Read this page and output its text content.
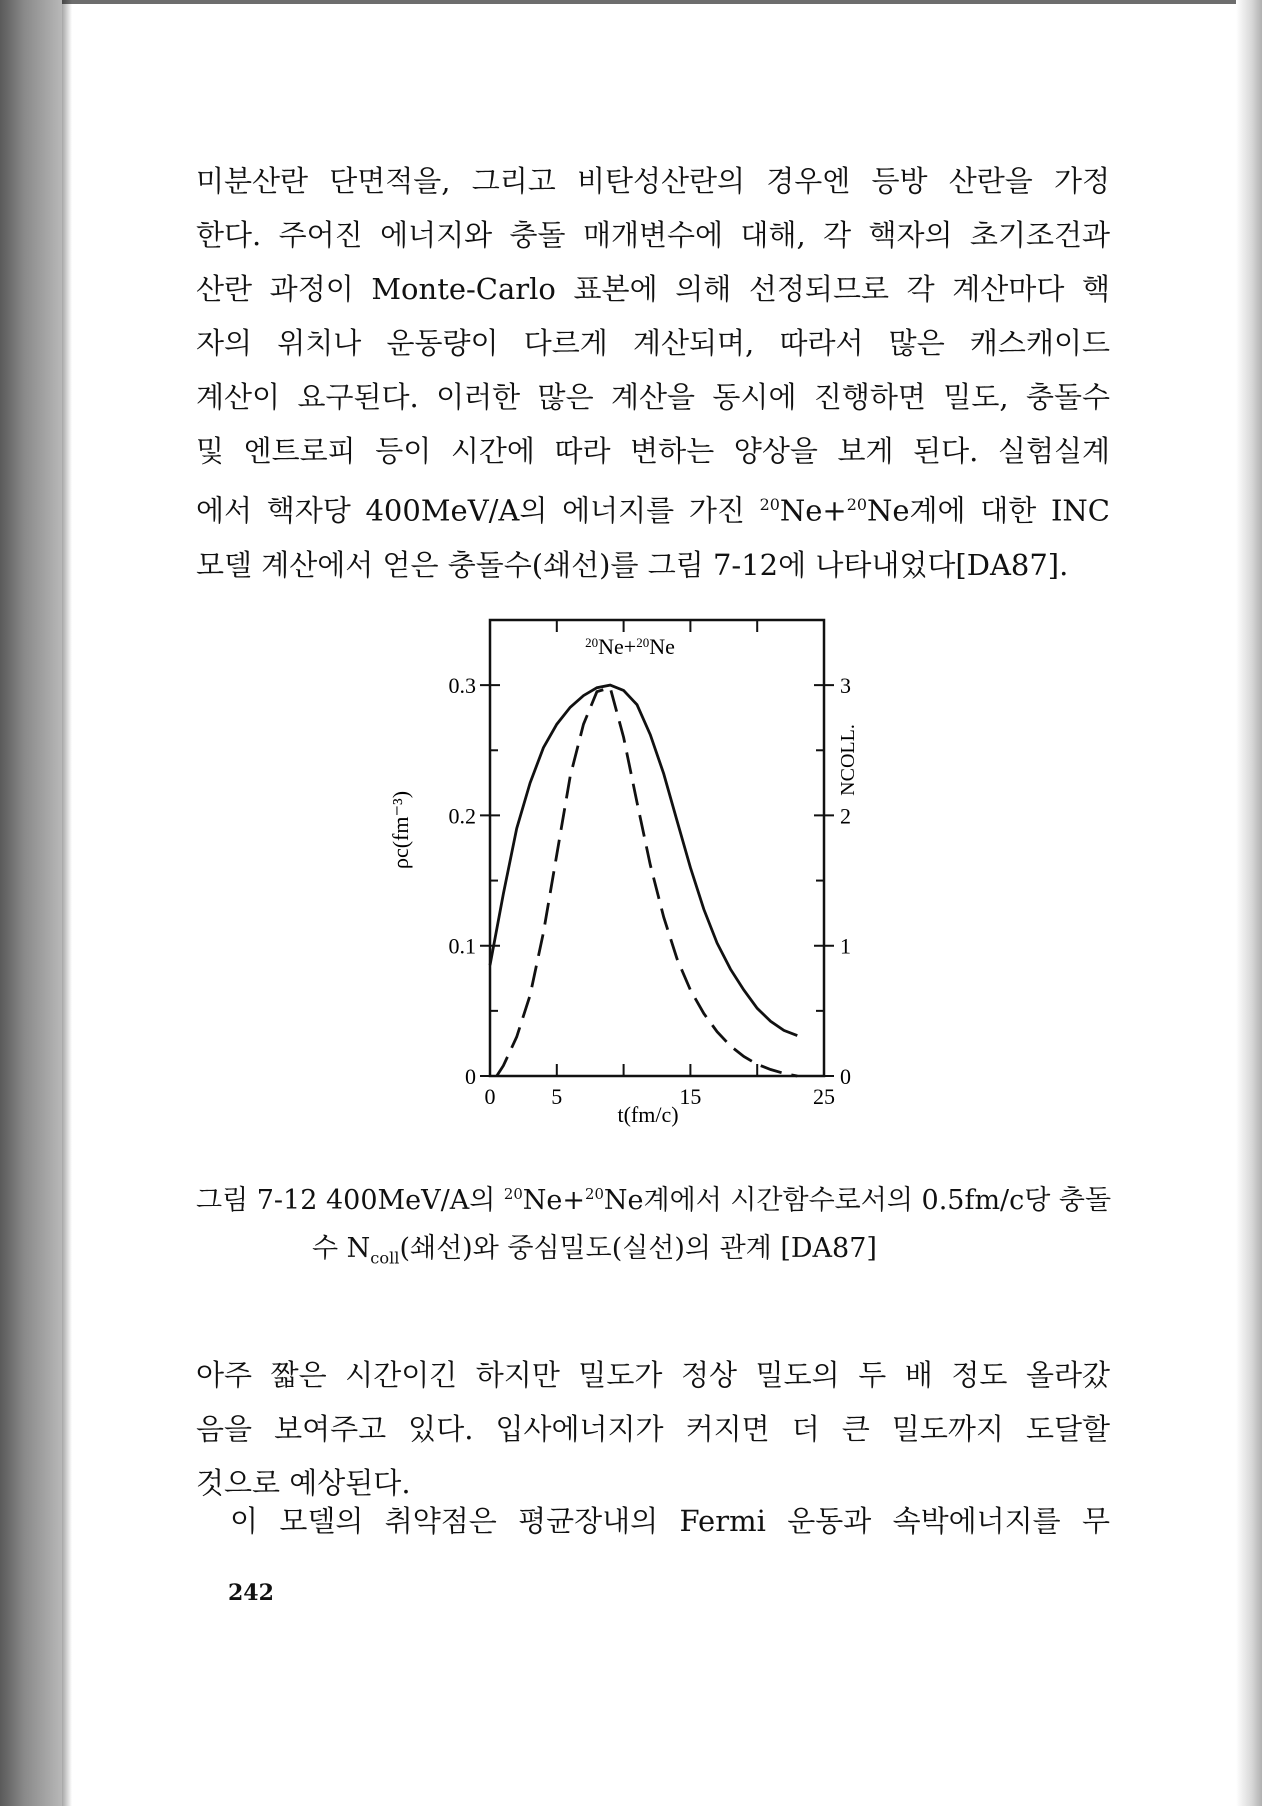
미분산란 단면적을, 그리고 비탄성산란의 경우엔 등방 산란을 가정
한다. 주어진 에너지와 충돌 매개변수에 대해, 각 핵자의 초기조건과
산란 과정이 Monte-Carlo 표본에 의해 선정되므로 각 계산마다 핵
자의 위치나 운동량이 다르게 계산되며, 따라서 많은 캐스캐이드
계산이 요구된다. 이러한 많은 계산을 동시에 진행하면 밀도, 충돌수
및 엔트로피 등이 시간에 따라 변하는 양상을 보게 된다. 실험실계
에서 핵자당 400MeV/A의 에너지를 가진 $^{20}$Ne+$^{20}$Ne계에 대한 INC
모델 계산에서 얻은 충돌수(쇄선)를 그림 7-12에 나타내었다[DA87].
0	5	15	25
0
0.1
0.2
0.3
0
1
2
3
$^{20}$Ne+$^{20}$Ne
t(fm/c)
ρc(fm⁻³)
NCOLL.
그림 7-12 400MeV/A의 $^{20}$Ne+$^{20}$Ne계에서 시간함수로서의 0.5fm/c당 충돌
수 $N_{coll}$(쇄선)와 중심밀도(실선)의 관계 [DA87]
아주 짧은 시간이긴 하지만 밀도가 정상 밀도의 두 배 정도 올라갔
음을 보여주고 있다. 입사에너지가 커지면 더 큰 밀도까지 도달할
것으로 예상된다.
이 모델의 취약점은 평균장내의 Fermi 운동과 속박에너지를 무
242
